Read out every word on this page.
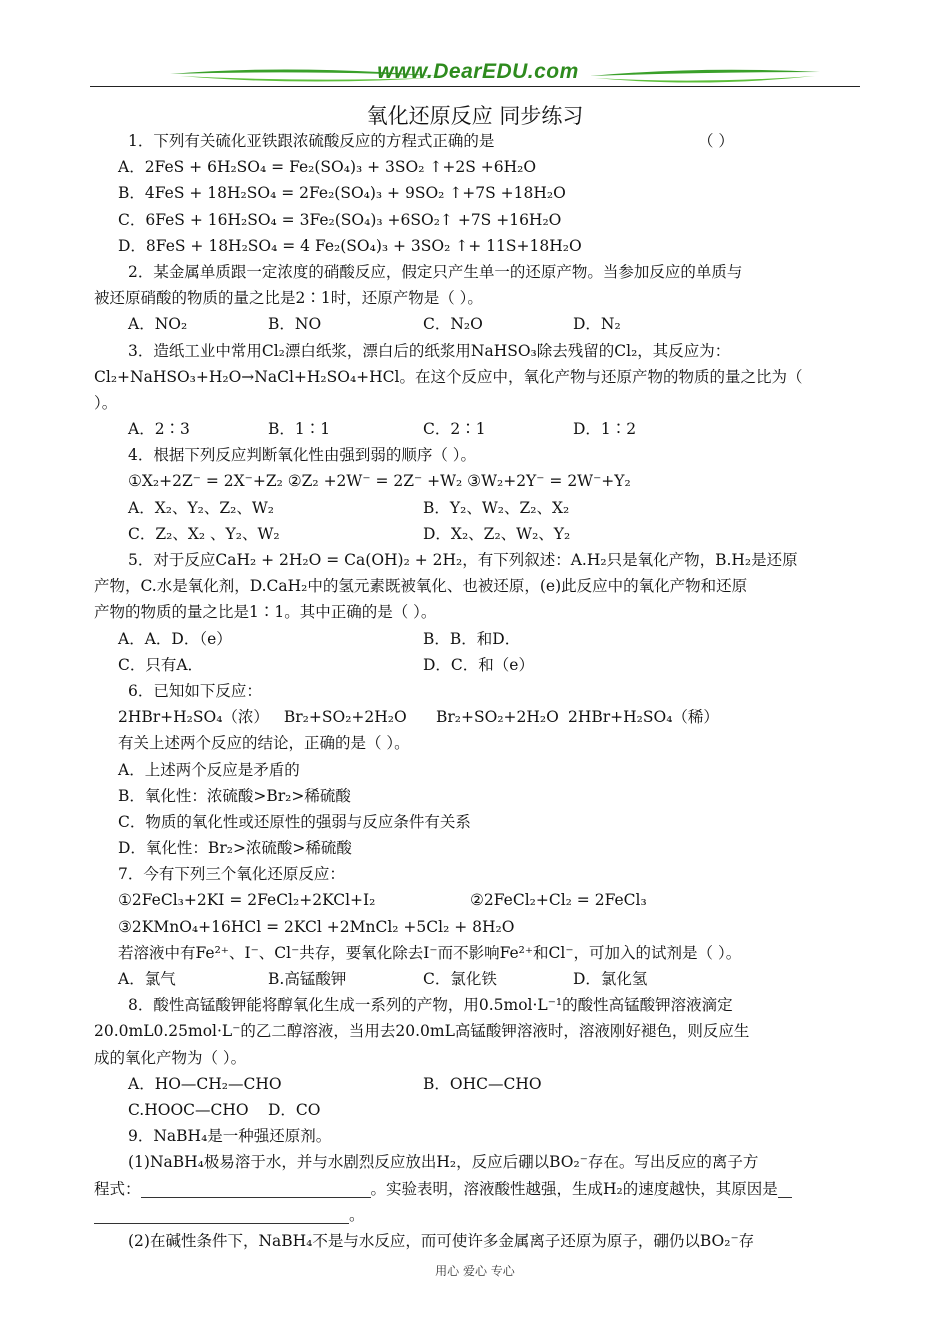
www.DearEDU.com
氧化还原反应 同步练习
1．下列有关硫化亚铁跟浓硫酸反应的方程式正确的是	（ ）
A．2FeS + 6H₂SO₄ = Fe₂(SO₄)₃ + 3SO₂ ↑+2S +6H₂O
B．4FeS + 18H₂SO₄ = 2Fe₂(SO₄)₃ + 9SO₂ ↑+7S +18H₂O
C．6FeS + 16H₂SO₄ = 3Fe₂(SO₄)₃ +6SO₂↑ +7S +16H₂O
D．8FeS + 18H₂SO₄ = 4 Fe₂(SO₄)₃ + 3SO₂ ↑+ 11S+18H₂O
2．某金属单质跟一定浓度的硝酸反应，假定只产生单一的还原产物。当参加反应的单质与
被还原硝酸的物质的量之比是2∶1时，还原产物是（ ）。
A．NO₂	B．NO	C．N₂O	D．N₂
3．造纸工业中常用Cl₂漂白纸浆，漂白后的纸浆用NaHSO₃除去残留的Cl₂，其反应为：
Cl₂+NaHSO₃+H₂O→NaCl+H₂SO₄+HCl。在这个反应中，氧化产物与还原产物的物质的量之比为（
）。
A．2∶3	B．1∶1	C．2∶1	D．1∶2
4．根据下列反应判断氧化性由强到弱的顺序（ ）。
①X₂+2Z⁻ = 2X⁻+Z₂ ②Z₂ +2W⁻ = 2Z⁻ +W₂ ③W₂+2Y⁻ = 2W⁻+Y₂
A．X₂、Y₂、Z₂、W₂	B．Y₂、W₂、Z₂、X₂
C．Z₂、X₂ 、Y₂、W₂	D．X₂、Z₂、W₂、Y₂
5．对于反应CaH₂ + 2H₂O = Ca(OH)₂ + 2H₂，有下列叙述：A.H₂只是氧化产物，B.H₂是还原
产物，C.水是氧化剂，D.CaH₂中的氢元素既被氧化、也被还原，(e)此反应中的氧化产物和还原
产物的物质的量之比是1∶1。其中正确的是（ ）。
A．A．D．（e）	B．B．和D．
C．只有A．	D．C．和（e）
6．已知如下反应：
2HBr+H₂SO₄（浓） Br₂+SO₂+2H₂O Br₂+SO₂+2H₂O 2HBr+H₂SO₄（稀）
有关上述两个反应的结论，正确的是（ ）。
A．上述两个反应是矛盾的
B．氧化性：浓硫酸>Br₂>稀硫酸
C．物质的氧化性或还原性的强弱与反应条件有关系
D．氧化性：Br₂>浓硫酸>稀硫酸
7．今有下列三个氧化还原反应：
①2FeCl₃+2KI = 2FeCl₂+2KCl+I₂	②2FeCl₂+Cl₂ = 2FeCl₃
③2KMnO₄+16HCl = 2KCl +2MnCl₂ +5Cl₂ + 8H₂O
若溶液中有Fe²⁺、I⁻、Cl⁻共存，要氧化除去I⁻而不影响Fe²⁺和Cl⁻，可加入的试剂是（ ）。
A．氯气	B.高锰酸钾	C．氯化铁	D．氯化氢
8．酸性高锰酸钾能将醇氧化生成一系列的产物，用0.5mol·L⁻¹的酸性高锰酸钾溶液滴定
20.0mL0.25mol·L⁻的乙二醇溶液，当用去20.0mL高锰酸钾溶液时，溶液刚好褪色，则反应生
成的氧化产物为（ ）。
A．HO—CH₂—CHO	B．OHC—CHO
C.HOOC—CHO D．CO
9．NaBH₄是一种强还原剂。
(1)NaBH₄极易溶于水，并与水剧烈反应放出H₂，反应后硼以BO₂⁻存在。写出反应的离子方
程式：	。实验表明，溶液酸性越强，生成H₂的速度越快，其原因是
。
(2)在碱性条件下，NaBH₄不是与水反应，而可使许多金属离子还原为原子，硼仍以BO₂⁻存
用心 爱心 专心
